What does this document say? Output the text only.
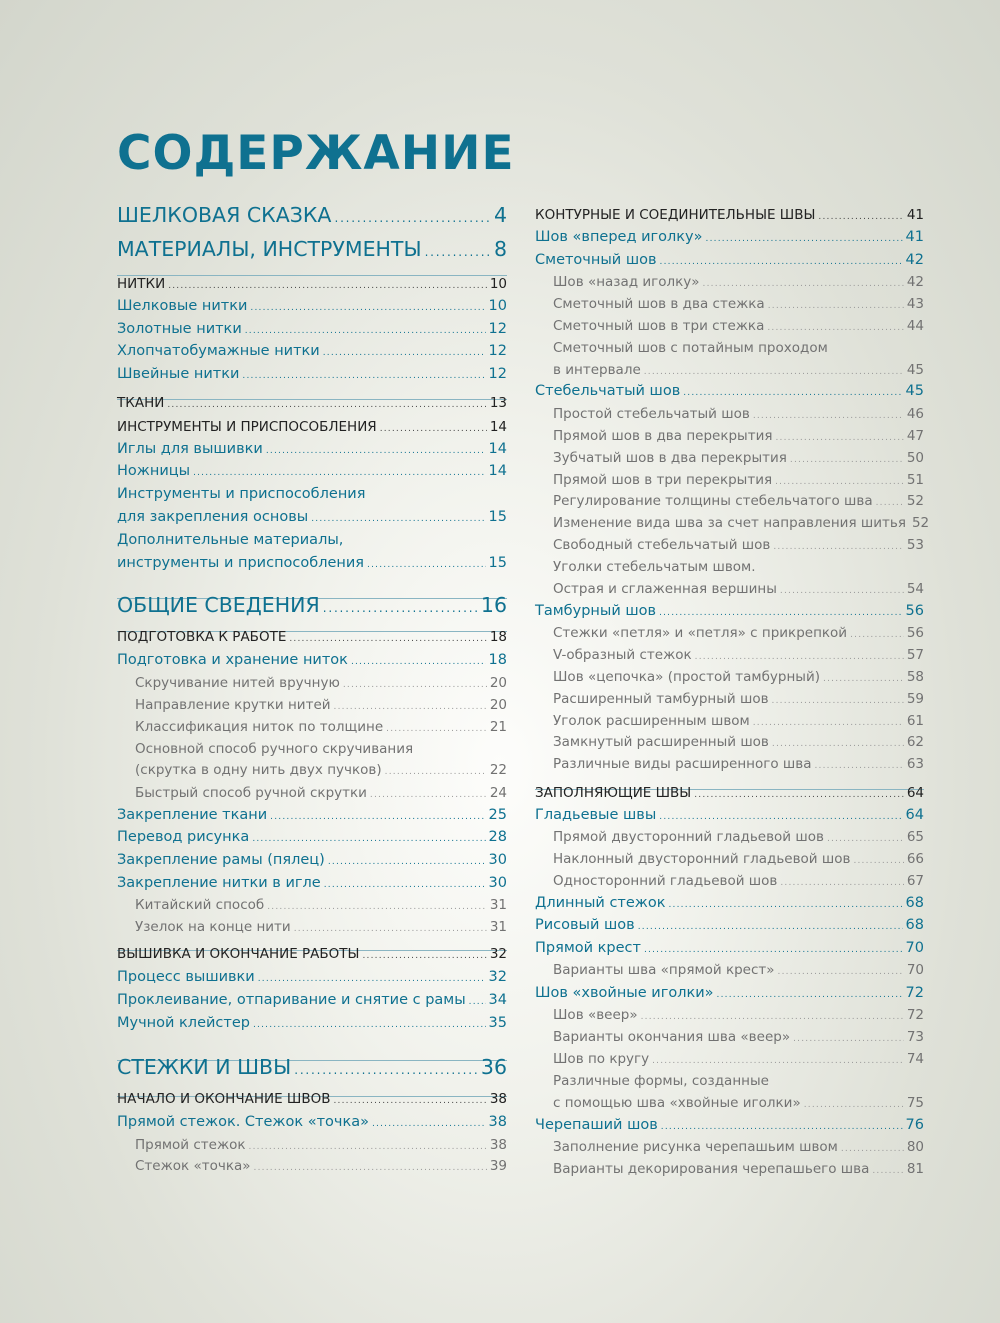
СОДЕРЖАНИЕ
ШЕЛКОВАЯ СКАЗКА .....	4
МАТЕРИАЛЫ, ИНСТРУМЕНТЫ .....	8
НИТКИ .....	10
Шелковые нитки .....	10
Золотные нитки .....	12
Хлопчатобумажные нитки .....	12
Швейные нитки .....	12
ТКАНИ .....	13
ИНСТРУМЕНТЫ И ПРИСПОСОБЛЕНИЯ .....	14
Иглы для вышивки .....	14
Ножницы .....	14
Инструменты и приспособления
для закрепления основы .....	15
Дополнительные материалы,
инструменты и приспособления .....	15
ОБЩИЕ СВЕДЕНИЯ .....	16
ПОДГОТОВКА К РАБОТЕ .....	18
Подготовка и хранение ниток .....	18
Скручивание нитей вручную .....	20
Направление крутки нитей .....	20
Классификация ниток по толщине .....	21
Основной способ ручного скручивания
(скрутка в одну нить двух пучков) .....	22
Быстрый способ ручной скрутки .....	24
Закрепление ткани .....	25
Перевод рисунка .....	28
Закрепление рамы (пялец) .....	30
Закрепление нитки в игле .....	30
Китайский способ .....	31
Узелок на конце нити .....	31
ВЫШИВКА И ОКОНЧАНИЕ РАБОТЫ .....	32
Процесс вышивки .....	32
Проклеивание, отпаривание и снятие с рамы ..... 34
Мучной клейстер .....	35
СТЕЖКИ И ШВЫ .....	36
НАЧАЛО И ОКОНЧАНИЕ ШВОВ .....	38
Прямой стежок. Стежок «точка» .....	38
Прямой стежок .....	38
Стежок «точка» .....	39
КОНТУРНЫЕ И СОЕДИНИТЕЛЬНЫЕ ШВЫ .....	41
Шов «вперед иголку» .....	41
Сметочный шов .....	42
Шов «назад иголку» .....	42
Сметочный шов в два стежка .....	43
Сметочный шов в три стежка .....	44
Сметочный шов с потайным проходом
в интервале .....	45
Стебельчатый шов .....	45
Простой стебельчатый шов .....	46
Прямой шов в два перекрытия .....	47
Зубчатый шов в два перекрытия .....	50
Прямой шов в три перекрытия .....	51
Регулирование толщины стебельчатого шва .....	52
Изменение вида шва за счет направления шитья 52
Свободный стебельчатый шов .....	53
Уголки стебельчатым швом.
Острая и сглаженная вершины .....	54
Тамбурный шов .....	56
Стежки «петля» и «петля» с прикрепкой .....	56
V-образный стежок .....	57
Шов «цепочка» (простой тамбурный) .....	58
Расширенный тамбурный шов .....	59
Уголок расширенным швом .....	61
Замкнутый расширенный шов .....	62
Различные виды расширенного шва .....	63
ЗАПОЛНЯЮЩИЕ ШВЫ .....	64
Гладьевые швы .....	64
Прямой двусторонний гладьевой шов .....	65
Наклонный двусторонний гладьевой шов .....	66
Односторонний гладьевой шов .....	67
Длинный стежок .....	68
Рисовый шов .....	68
Прямой крест .....	70
Варианты шва «прямой крест» .....	70
Шов «хвойные иголки» .....	72
Шов «веер» .....	72
Варианты окончания шва «веер» .....	73
Шов по кругу .....	74
Различные формы, созданные
с помощью шва «хвойные иголки» .....	75
Черепаший шов .....	76
Заполнение рисунка черепашьим швом .....	80
Варианты декорирования черепашьего шва .....	81
